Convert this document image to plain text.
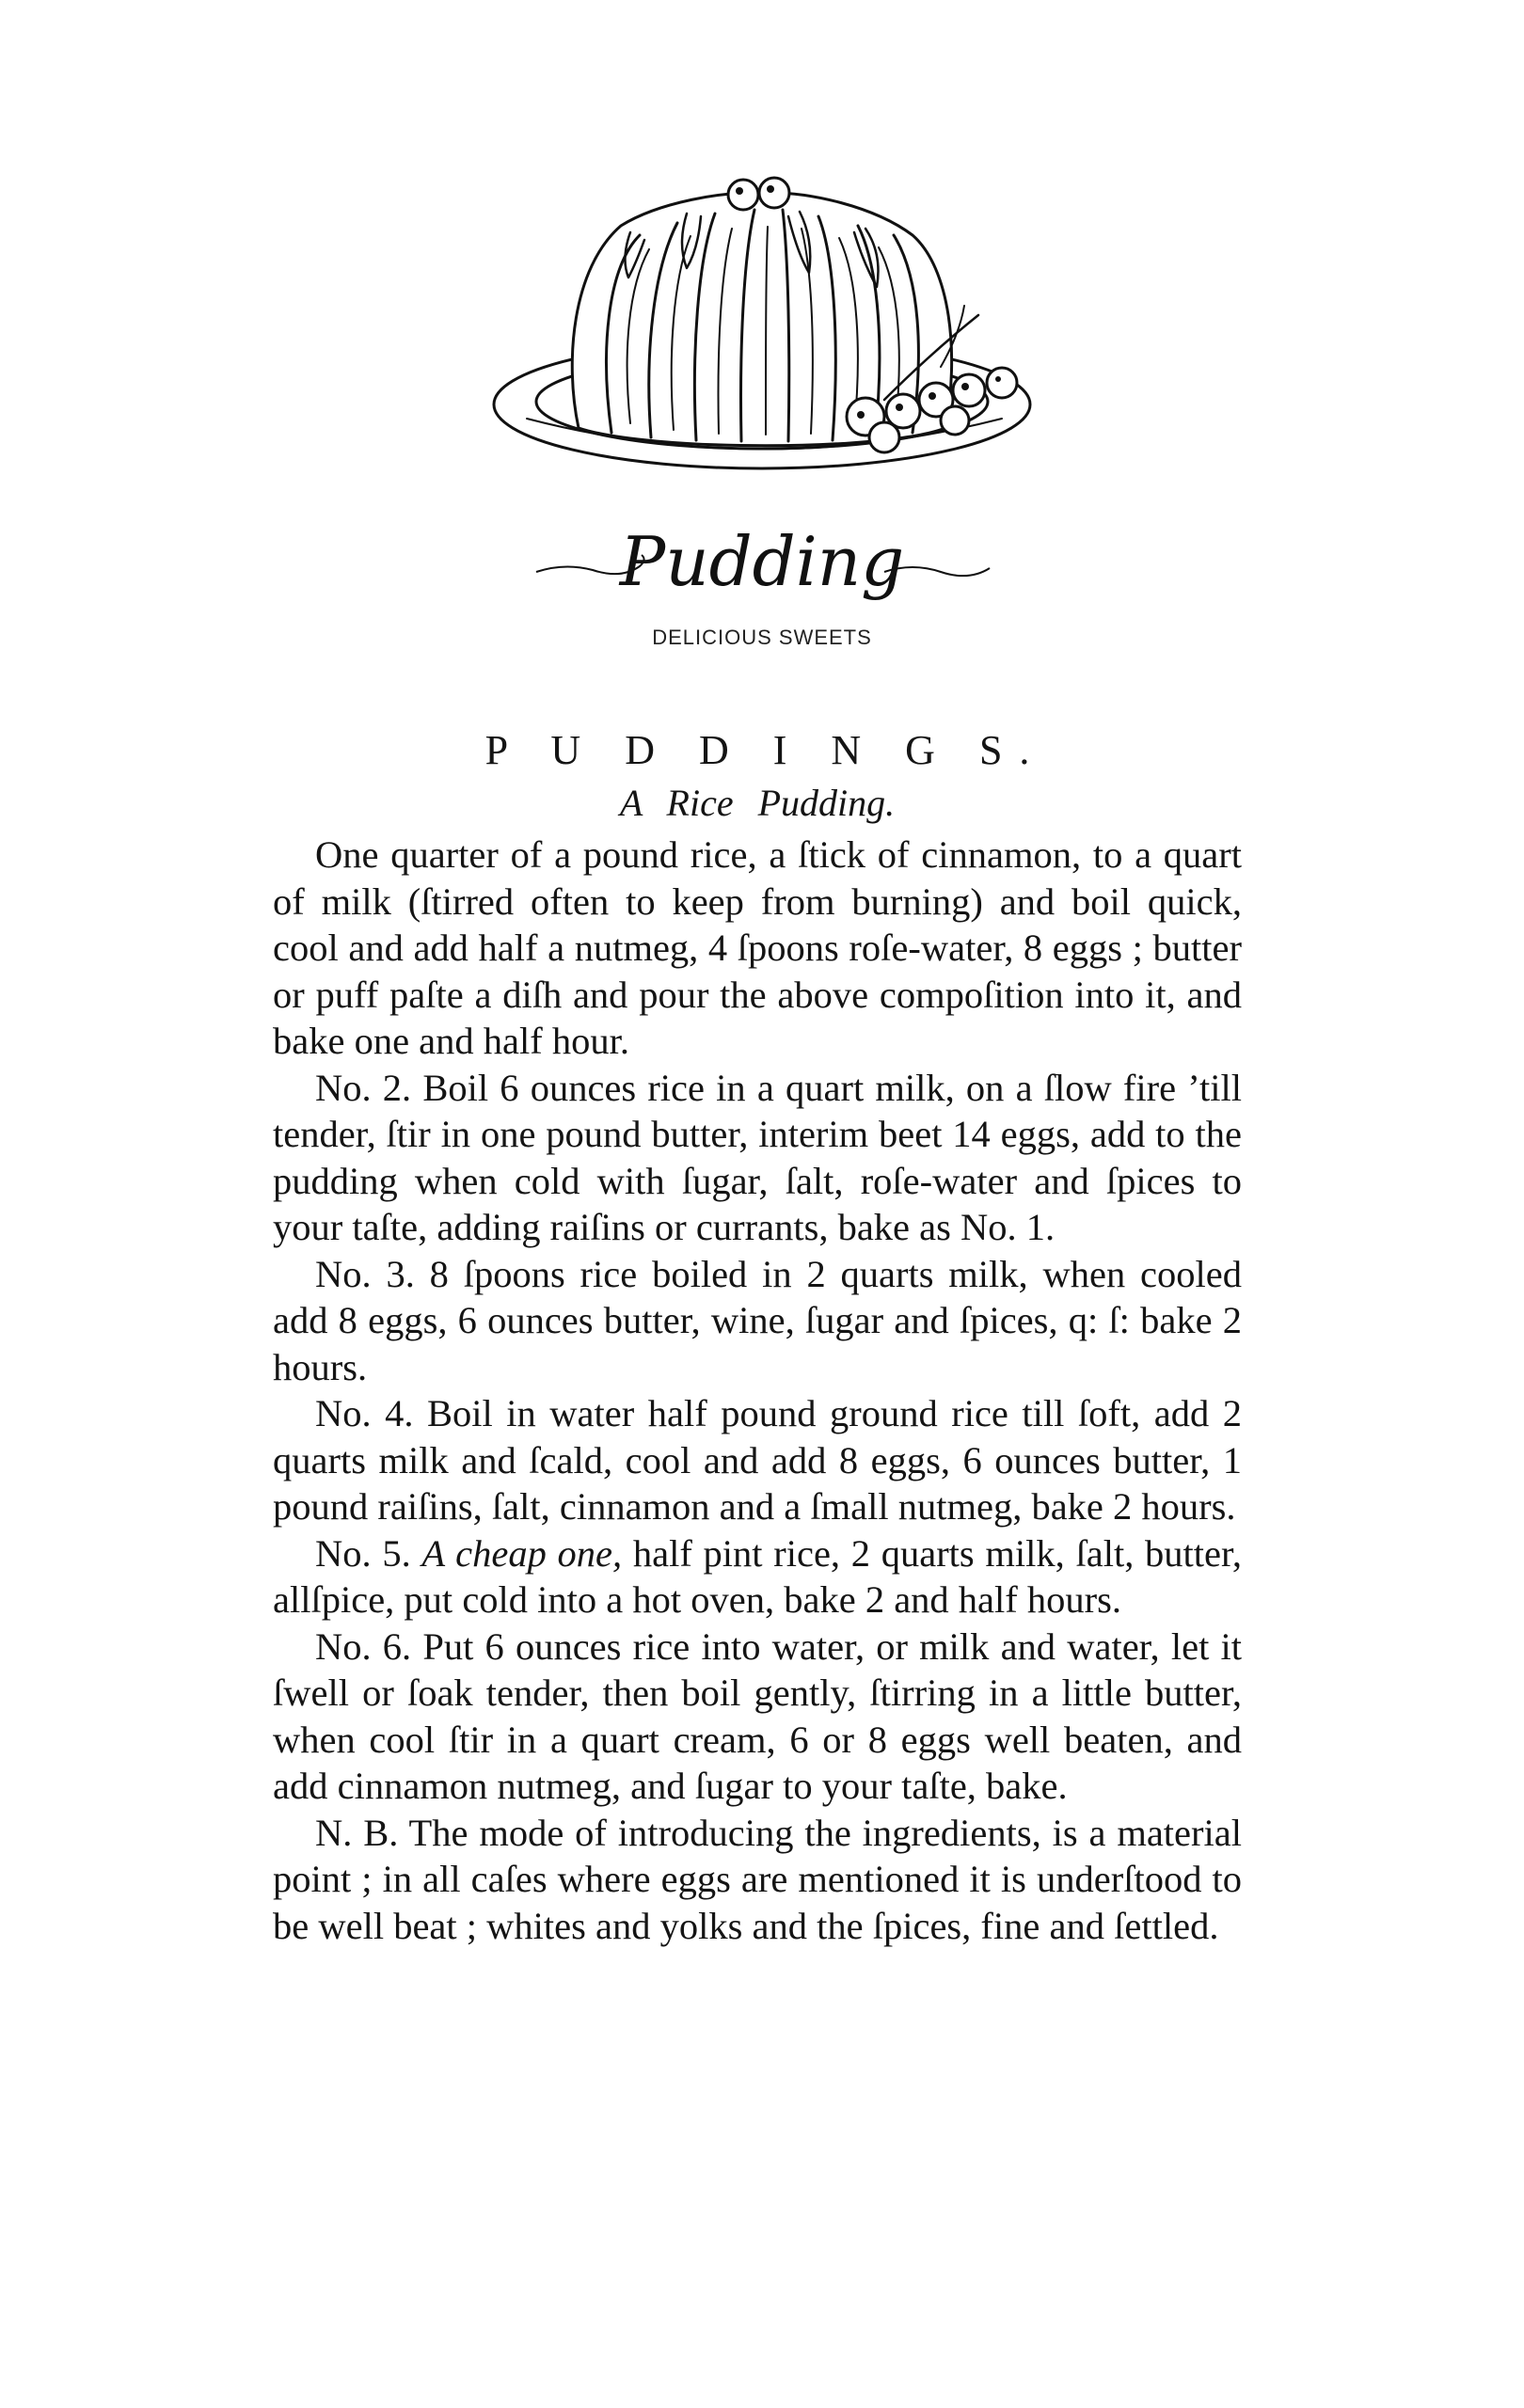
Pudding
DELICIOUS SWEETS
P U D D I N G S.
A Rice Pudding.

One quarter of a pound rice, a ſtick of cinnamon, to a quart of milk (ſtirred often to keep from burning) and boil quick, cool and add half a nutmeg, 4 ſpoons roſe-water, 8 eggs ; butter or puff paſte a diſh and pour the above compoſition into it, and bake one and half hour.

No. 2. Boil 6 ounces rice in a quart milk, on a ſlow fire ’till tender, ſtir in one pound butter, interim beet 14 eggs, add to the pudding when cold with ſugar, ſalt, roſe-water and ſpices to your taſte, adding raiſins or currants, bake as No. 1.

No. 3. 8 ſpoons rice boiled in 2 quarts milk, when cooled add 8 eggs, 6 ounces butter, wine, ſugar and ſpices, q: ſ: bake 2 hours.

No. 4. Boil in water half pound ground rice till ſoft, add 2 quarts milk and ſcald, cool and add 8 eggs, 6 ounces butter, 1 pound raiſins, ſalt, cinnamon and a ſmall nutmeg, bake 2 hours.

No. 5. A cheap one, half pint rice, 2 quarts milk, ſalt, butter, allſpice, put cold into a hot oven, bake 2 and half hours.

No. 6. Put 6 ounces rice into water, or milk and water, let it ſwell or ſoak tender, then boil gently, ſtirring in a little butter, when cool ſtir in a quart cream, 6 or 8 eggs well beaten, and add cinnamon nutmeg, and ſugar to your taſte, bake.

N. B. The mode of introducing the ingredients, is a material point ; in all caſes where eggs are mentioned it is underſtood to be well beat ; whites and yolks and the ſpices, fine and ſettled.
